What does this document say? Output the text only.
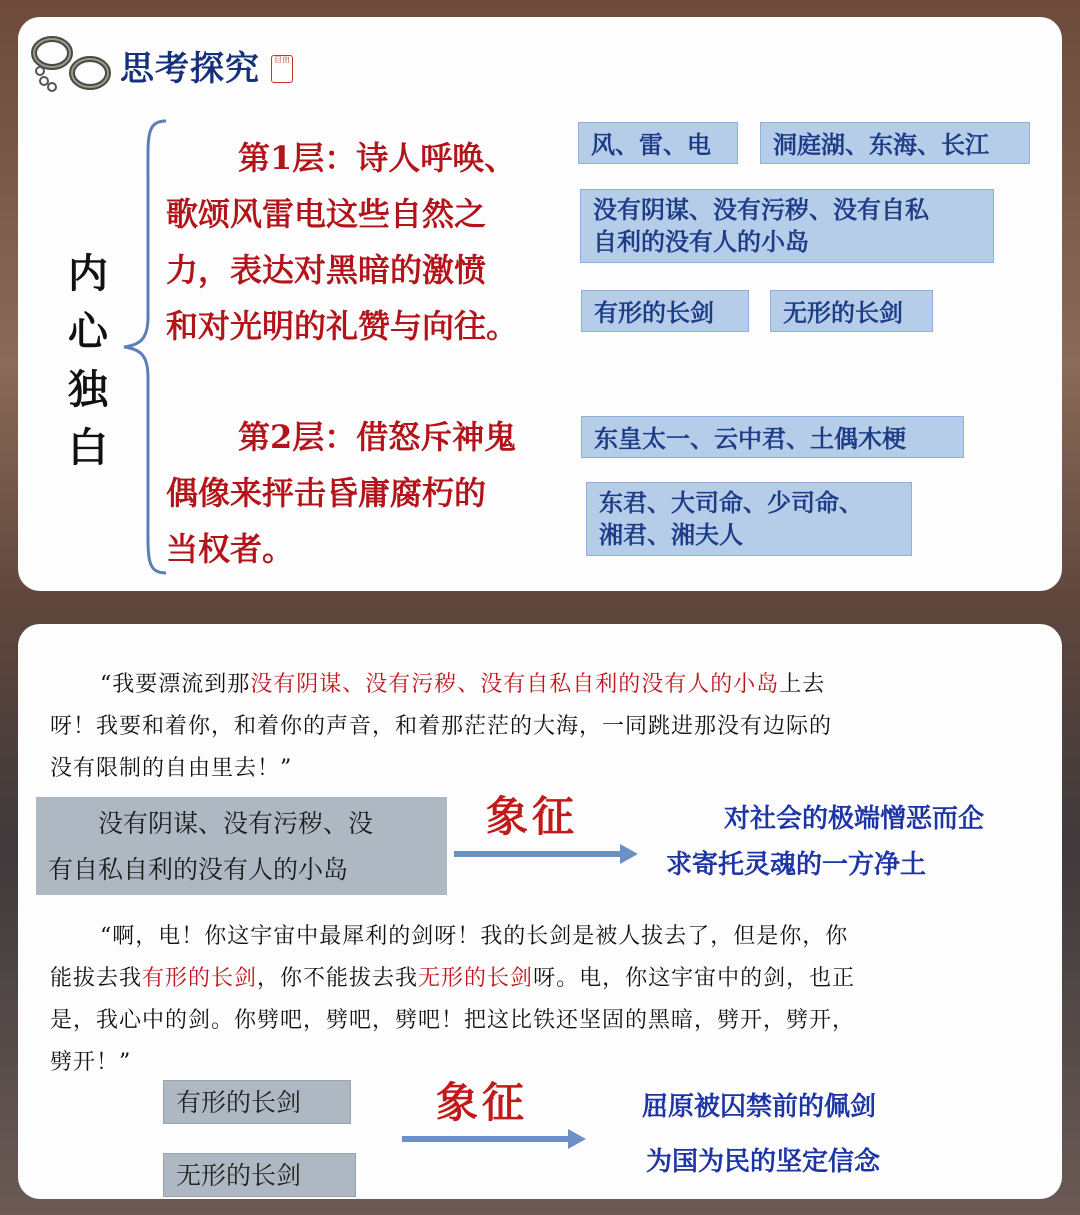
思考探究	自由
内
心
独
白
第1层：诗人呼唤、
歌颂风雷电这些自然之
力，表达对黑暗的激愤
和对光明的礼赞与向往。
第2层：借怒斥神鬼
偶像来抨击昏庸腐朽的
当权者。
风、雷、电	洞庭湖、东海、长江
没有阴谋、没有污秽、没有自私
自利的没有人的小岛
有形的长剑	无形的长剑
东皇太一、云中君、土偶木梗
东君、大司命、少司命、
湘君、湘夫人
“我要漂流到那没有阴谋、没有污秽、没有自私自利的没有人的小岛上去
呀！我要和着你，和着你的声音，和着那茫茫的大海，一同跳进那没有边际的
没有限制的自由里去！”
没有阴谋、没有污秽、没
有自私自利的没有人的小岛
象征	对社会的极端憎恶而企
求寄托灵魂的一方净土
“啊，电！你这宇宙中最犀利的剑呀！我的长剑是被人拔去了，但是你，你
能拔去我有形的长剑，你不能拔去我无形的长剑呀。电，你这宇宙中的剑，也正
是，我心中的剑。你劈吧，劈吧，劈吧！把这比铁还坚固的黑暗，劈开，劈开，
劈开！”
有形的长剑
无形的长剑
象征	屈原被囚禁前的佩剑
为国为民的坚定信念
